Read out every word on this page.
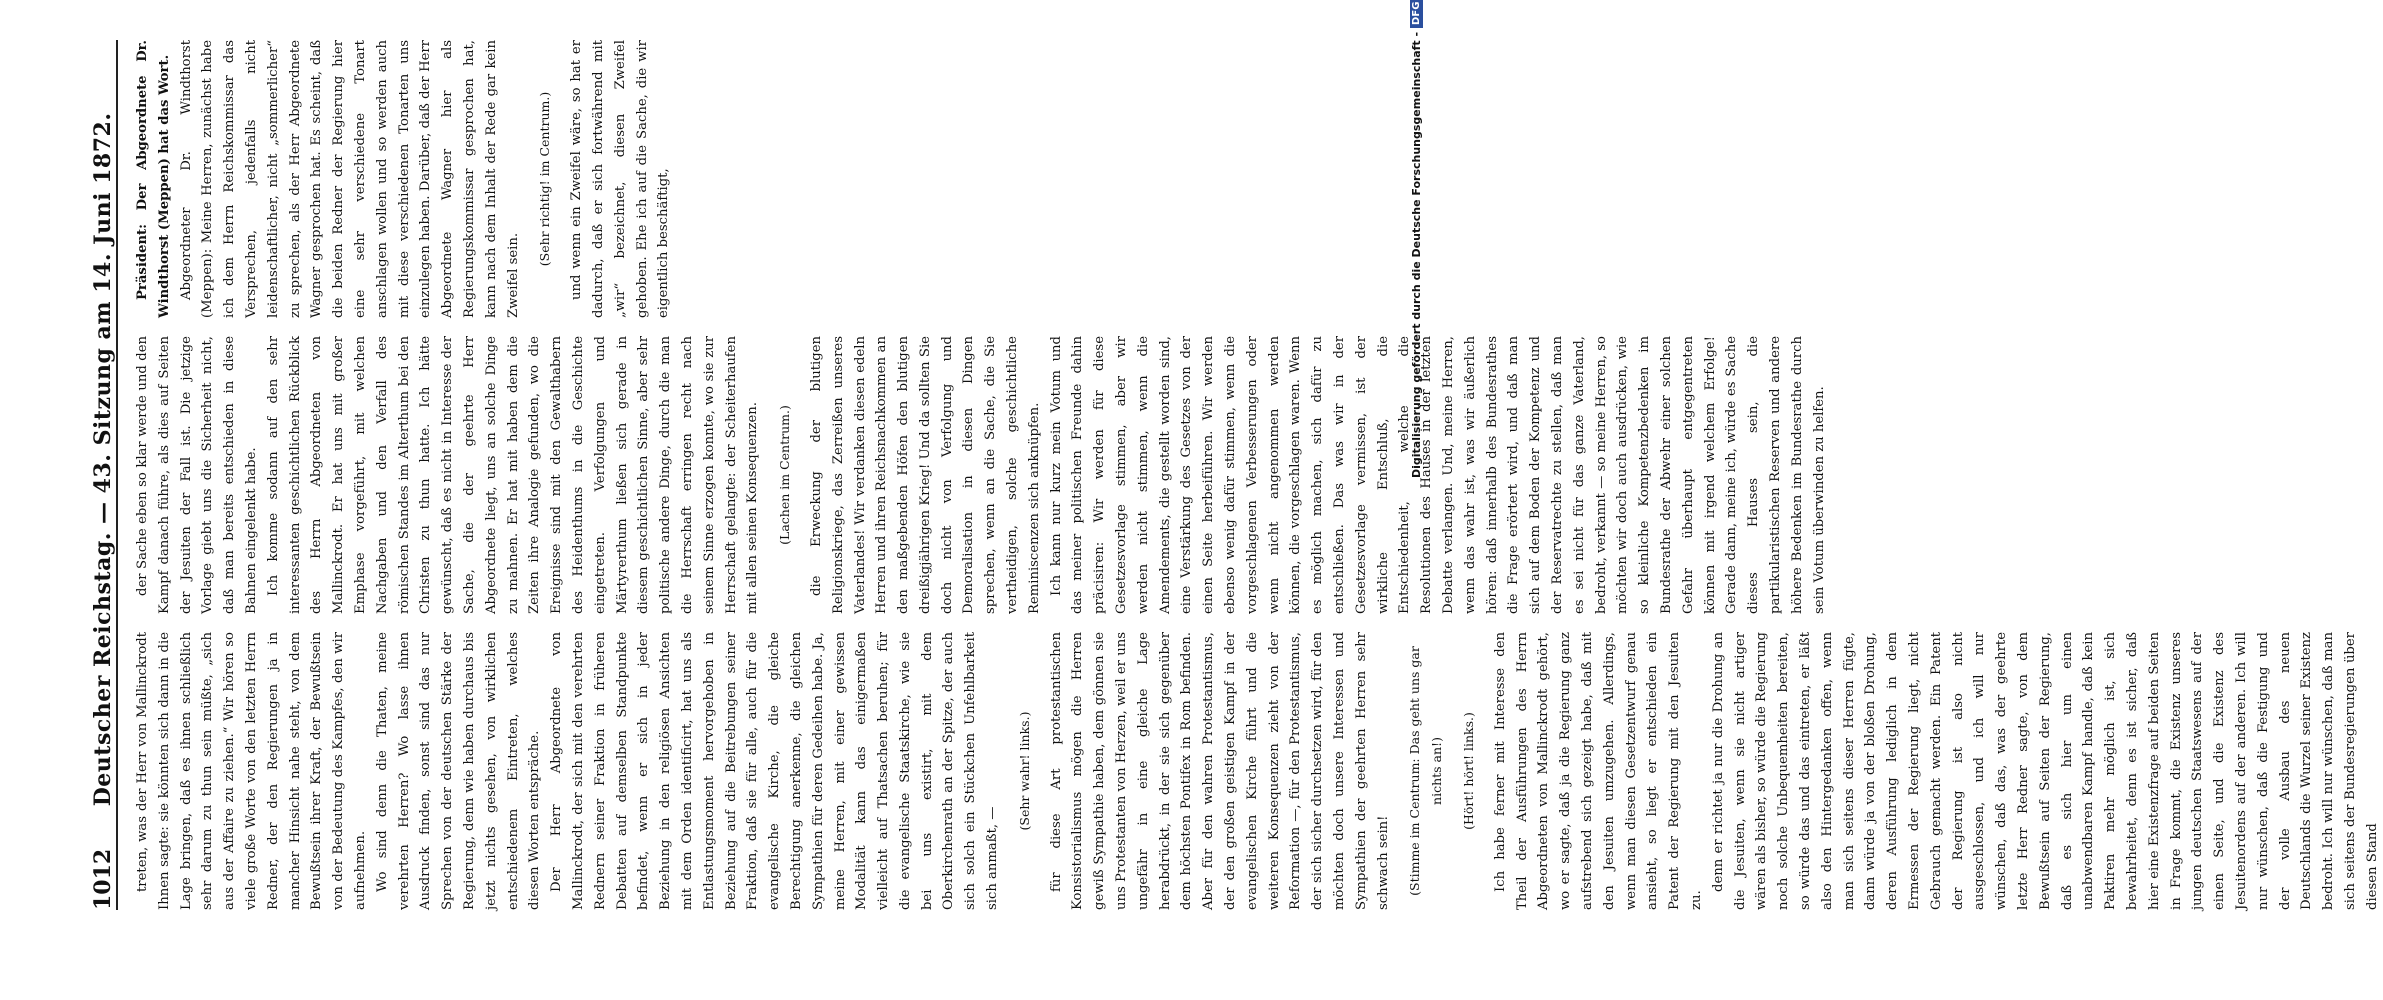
1012
Deutscher Reichstag. — 43. Sitzung am 14. Juni 1872. treten, was der Herr von Mallinckrodt Ihnen sagte: sie könnten sich dann in die Lage bringen, daß es ihnen schließlich sehr darum zu thun sein müßte, „sich aus der Affaire zu ziehen.“ Wir hören so viele große Worte von den letzten Herrn Redner, der den Regierungen ja in mancher Hinsicht nahe steht, von dem Bewußtsein ihrer Kraft, der Bewußtsein von der Bedeutung des Kampfes, den wir aufnehmen. Wo sind denn die Thaten, meine verehrten Herren? Wo lasse ihnen Ausdruck finden, sonst sind das nur Sprechen von der deutschen Stärke der Regierung, denn wie haben durchaus bis jetzt nichts gesehen, von wirklichen entschiedenem Eintreten, welches diesen Worten entspräche. Der Herr Abgeordnete von Mallinckrodt, der sich mit den verehrten Rednern seiner Fraktion in früheren Debatten auf demselben Standpunkte befindet, wenn er sich in jeder Beziehung in den religiösen Ansichten mit dem Orden identificirt, hat uns als Entlastungsmoment hervorgehoben in Beziehung auf die Beitrebungen seiner Fraktion, daß sie für alle, auch für die evangelische Kirche, die gleiche Berechtigung anerkenne, die gleichen Sympathien für deren Gedeihen habe. Ja, meine Herren, mit einer gewissen Modalität kann das einigermaßen vielleicht auf Thatsachen beruhen; für die evangelische Staatskirche, wie sie bei uns existirt, mit dem Oberkirchenrath an der Spitze, der auch sich solch ein Stückchen Unfehlbarkeit sich anmaßt, —

(Sehr wahr! links.) für diese Art protestantischen Konsistorialismus mögen die Herren gewiß Sympathie haben, dem gönnen sie uns Protestanten von Herzen, weil er uns ungefähr in eine gleiche Lage herabdrückt, in der sie sich gegenüber dem höchsten Pontifex in Rom befinden. Aber für den wahren Protestantismus, der den großen geistigen Kampf in der evangelischen Kirche führt und die weiteren Konsequenzen zieht von der Reformation —, für den Protestantismus, der sich sicher durchsetzen wird, für den möchten doch unsere Interessen und Sympathien der geehrten Herren sehr schwach sein!	(Stimme im Centrum: Das geht uns gar nichts an!)	(Hört! hört! links.) Ich habe ferner mit Interesse den Theil der Ausführungen des Herrn Abgeordneten von Mallinckrodt gehört, wo er sagte, daß ja die Regierung ganz aufstrebend sich gezeigt habe, daß mit den Jesuiten umzugehen. Allerdings, wenn man diesen Gesetzentwurf genau ansieht, so liegt er entschieden ein Patent der Regierung mit den Jesuiten zu.

denn er richtet ja nur die Drohung an die Jesuiten, wenn sie nicht artiger wären als bisher, so würde die Regierung noch solche Unbequemheiten bereiten, so würde das und das eintreten, er läßt also den Hintergedanken offen, wenn man sich seitens dieser Herren fügte, dann würde ja von der bloßen Drohung, deren Ausführung lediglich in dem Ermessen der Regierung liegt, nicht Gebrauch gemacht werden. Ein Patent der Regierung ist also nicht ausgeschlossen, und ich will nur wünschen, daß das, was der geehrte letzte Herr Redner sagte, von dem Bewußtsein auf Seiten der Regierung, daß es sich hier um einen unabwendbaren Kampf handle, daß kein Paktiren mehr möglich ist, sich bewahrheitet, denn es ist sicher, daß hier eine Existenzfrage auf beiden Seiten in Frage kommt, die Existenz unseres jungen deutschen Staatswesens auf der einen Seite, und die Existenz des Jesuitenordens auf der anderen. Ich will nur wünschen, daß die Festigung und der volle Ausbau des neuen Deutschlands die Wurzel seiner Existenz bedroht. Ich will nur wünschen, daß man sich seitens der Bundesregierungen über diesen Stand

der Sache eben so klar werde und den Kampf danach führe, als dies auf Seiten der Jesuiten der Fall ist. Die jetzige Vorlage giebt uns die Sicherheit nicht, daß man bereits entschieden in diese Bahnen eingelenkt habe. Ich komme sodann auf den sehr interessanten geschichtlichen Rückblick des Herrn Abgeordneten von Mallinckrodt. Er hat uns mit großer Emphase vorgeführt, mit welchen Nachgaben und den Verfall des römischen Standes im Alterthum bei den Christen zu thun hatte. Ich hätte gewünscht, daß es nicht in Interesse der Sache, die der geehrte Herr Abgeordnete liegt, uns an solche Dinge zu mahnen. Er hat mit haben dem die Zeiten ihre Analogie gefunden, wo die Ereignisse sind mit den Gewalthabern des Heidenthums in die Geschichte eingetreten. Verfolgungen und Märtyrerthum ließen sich gerade in diesem geschichtlichen Sinne, aber sehr politische andere Dinge, durch die man die Herrschaft erringen recht nach seinem Sinne erzogen konnte, wo sie zur Herrschaft gelangte: der Scheiterhaufen mit allen seinen Konsequenzen.	(Lachen im Centrum.) die Erweckung der blutigen Religionskriege, das Zerreißen unseres Vaterlandes! Wir verdanken diesen edeln Herren und ihren Reichsnachkommen an den maßgebenden Höfen den blutigen dreißigjährigen Krieg! Und da sollten Sie doch nicht von Verfolgung und Demoralisation in diesen Dingen sprechen, wenn an die Sache, die Sie vertheidigen, solche geschichtliche Reminiscenzen sich anknüpfen. Ich kann nur kurz mein Votum und das meiner politischen Freunde dahin präcisiren: Wir werden für diese Gesetzesvorlage stimmen, aber wir werden nicht stimmen, wenn die Amendements, die gestellt worden sind, eine Verstärkung des Gesetzes von der einen Seite herbeiführen. Wir werden ebenso wenig dafür stimmen, wenn die vorgeschlagenen Verbesserungen oder wenn nicht angenommen werden können, die vorgeschlagen waren. Wenn es möglich machen, sich dafür zu entschließen. Das was wir in der Gesetzesvorlage vermissen, ist der wirkliche Entschluß, die Entschiedenheit, welche die Resolutionen des Hauses in der letzten Debatte verlangen. Und, meine Herren, wenn das wahr ist, was wir äußerlich hören: daß innerhalb des Bundesrathes die Frage erörtert wird, und daß man sich auf dem Boden der Kompetenz und der Reservatrechte zu stellen, daß man es sei nicht für das ganze Vaterland, bedroht, verkannt — so meine Herren, so möchten wir doch auch ausdrücken, wie so kleinliche Kompetenzbedenken im Bundesrathe der Abwehr einer solchen Gefahr überhaupt entgegentreten können mit irgend welchem Erfolge! Gerade dann, meine ich, würde es Sache dieses Hauses sein, die partikularistischen Reserven und andere höhere Bedenken im Bundesrathe durch sein Votum überwinden zu helfen.

Präsident: Der Abgeordnete Dr. Windthorst (Meppen) hat das Wort. Abgeordneter Dr. Windthorst (Meppen): Meine Herren, zunächst habe ich dem Herrn Reichskommissar das Versprechen, jedenfalls nicht leidenschaftlicher, nicht „sommerlicher“ zu sprechen, als der Herr Abgeordnete Wagner gesprochen hat. Es scheint, daß die beiden Redner der Regierung hier eine sehr verschiedene Tonart anschlagen wollen und so werden auch mit diese verschiedenen Tonarten uns einzulegen haben. Darüber, daß der Herr Abgeordnete Wagner hier als Regierungskommissar gesprochen hat, kann nach dem Inhalt der Rede gar kein Zweifel sein.

(Sehr richtig! im Centrum.) und wenn ein Zweifel wäre, so hat er dadurch, daß er sich fortwährend mit „wir“ bezeichnet, diesen Zweifel gehoben. Ehe ich auf die Sache, die wir eigentlich beschäftigt,	Digitalisierung gefördert durch die Deutsche Forschungsgemeinschaft -
DFG
